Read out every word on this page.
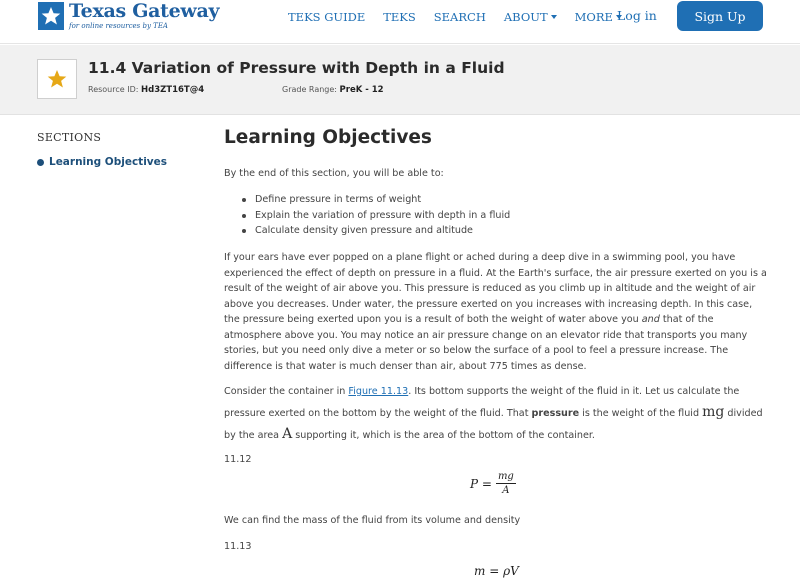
Texas Gateway
for online resources by TEA
TEKS GUIDE TEKS SEARCH ABOUT MORE Log in	Sign Up
11.4 Variation of Pressure with Depth in a Fluid
Resource ID: Hd3ZT16T@4	Grade Range: PreK - 12
SECTIONS
Learning Objectives
Learning Objectives
By the end of this section, you will be able to:
Define pressure in terms of weight
Explain the variation of pressure with depth in a fluid
Calculate density given pressure and altitude
If your ears have ever popped on a plane flight or ached during a deep dive in a swimming pool, you have experienced the effect of depth on pressure in a fluid. At the Earth's surface, the air pressure exerted on you is a result of the weight of air above you. This pressure is reduced as you climb up in altitude and the weight of air above you decreases. Under water, the pressure exerted on you increases with increasing depth. In this case, the pressure being exerted upon you is a result of both the weight of water above you and that of the atmosphere above you. You may notice an air pressure change on an elevator ride that transports you many stories, but you need only dive a meter or so below the surface of a pool to feel a pressure increase. The difference is that water is much denser than air, about 775 times as dense.
Consider the container in Figure 11.13. Its bottom supports the weight of the fluid in it. Let us calculate the pressure exerted on the bottom by the weight of the fluid. That pressure is the weight of the fluid mg divided by the area A supporting it, which is the area of the bottom of the container.
11.12
$P = \frac{mg}{A}$
We can find the mass of the fluid from its volume and density
11.13
m = ρV
